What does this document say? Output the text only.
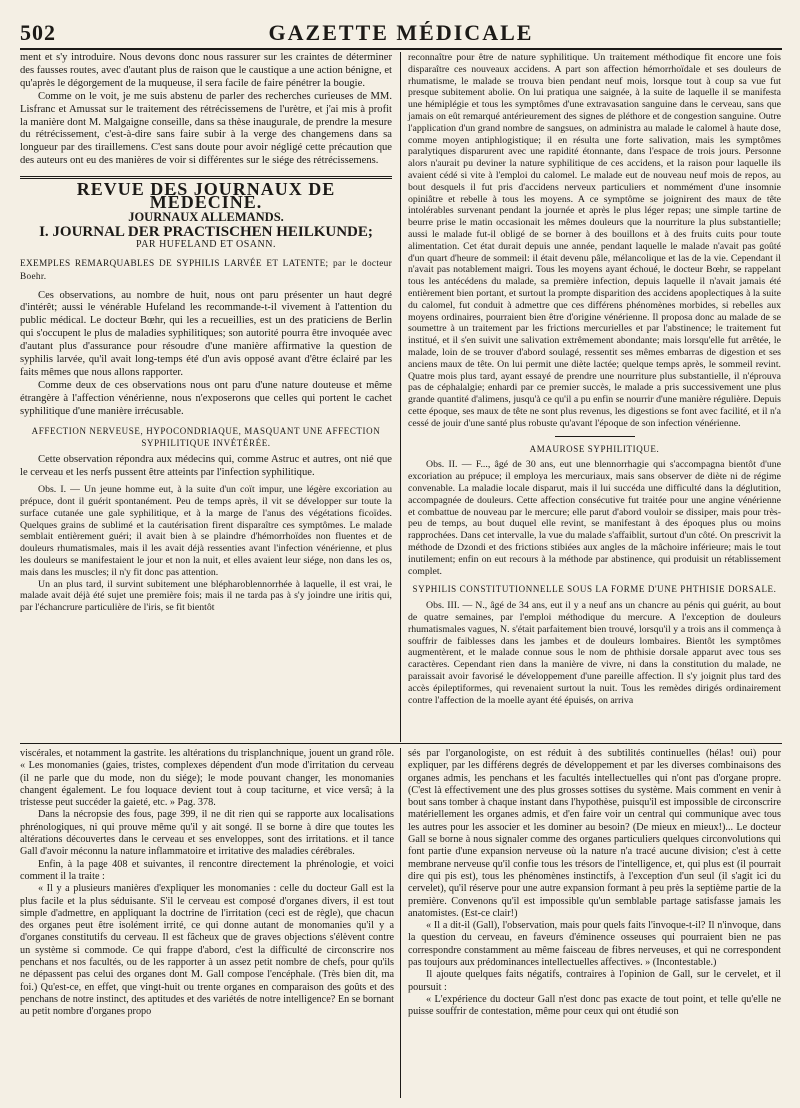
502	GAZETTE MÉDICALE

ment et s'y introduire. Nous devons donc nous rassurer sur les craintes de déterminer des fausses routes, avec d'autant plus de raison que le caustique a une action bénigne, et qu'après le dégorgement de la muqueuse, il sera facile de faire pénétrer la bougie.

Comme on le voit, je me suis abstenu de parler des recherches curieuses de MM. Lisfranc et Amussat sur le traitement des rétrécissemens de l'urètre, et j'ai mis à profit la manière dont M. Malgaigne conseille, dans sa thèse inaugurale, de prendre la mesure du rétrécissement, c'est-à-dire sans faire subir à la verge des changemens dans sa longueur par des tiraillemens. C'est sans doute pour avoir négligé cette précaution que des auteurs ont eu des manières de voir si différentes sur le siége des rétrécissemens.

REVUE DES JOURNAUX DE MÉDECINE.
JOURNAUX ALLEMANDS.
I. JOURNAL DER PRACTISCHEN HEILKUNDE;
PAR HUFELAND ET OSANN.
EXEMPLES REMARQUABLES DE SYPHILIS LARVÉE ET LATENTE; par le docteur Boehr.

Ces observations, au nombre de huit, nous ont paru présenter un haut degré d'intérêt; aussi le vénérable Hufeland les recommande-t-il vivement à l'attention du public médical. Le docteur Bœhr, qui les a recueillies, est un des praticiens de Berlin qui s'occupent le plus de maladies syphilitiques; son autorité pourra être invoquée avec d'autant plus d'assurance pour résoudre d'une manière affirmative la question de syphilis larvée, qu'il avait long-temps été d'un avis opposé avant d'être éclairé par les faits mêmes que nous allons rapporter.

Comme deux de ces observations nous ont paru d'une nature douteuse et même étrangère à l'affection vénérienne, nous n'exposerons que celles qui portent le cachet syphilitique d'une manière irrécusable.

AFFECTION NERVEUSE, HYPOCONDRIAQUE, MASQUANT UNE AFFECTION SYPHILITIQUE INVÉTÉRÉE.

Cette observation répondra aux médecins qui, comme Astruc et autres, ont nié que le cerveau et les nerfs pussent être atteints par l'infection syphilitique.

Obs. I. — Un jeune homme eut, à la suite d'un coït impur, une légère excoriation au prépuce, dont il guérit spontanément. Peu de temps après, il vit se développer sur toute la surface cutanée une gale syphilitique, et à la marge de l'anus des végétations ficoïdes. Quelques grains de sublimé et la cautérisation firent disparaître ces symptômes. Le malade semblait entièrement guéri; il avait bien à se plaindre d'hémorrhoïdes non fluentes et de douleurs rhumatismales, mais il les avait déjà ressenties avant l'infection vénérienne, et plus les douleurs se manifestaient le jour et non la nuit, et elles avaient leur siége, non dans les os, mais dans les muscles; il n'y fit donc pas attention.

Un an plus tard, il survint subitement une blépharoblennorrhée à laquelle, il est vrai, le malade avait déjà été sujet une première fois; mais il ne tarda pas à s'y joindre une iritis qui, par l'échancrure particulière de l'iris, se fit bientôt

reconnaître pour être de nature syphilitique. Un traitement méthodique fit encore une fois disparaître ces nouveaux accidens. A part son affection hémorrhoïdale et ses douleurs de rhumatisme, le malade se trouva bien pendant neuf mois, lorsque tout à coup sa vue fut presque subitement abolie. On lui pratiqua une saignée, à la suite de laquelle il se manifesta une hémiplégie et tous les symptômes d'une extravasation sanguine dans le cerveau, sans que jamais on eût remarqué antérieurement des signes de pléthore et de congestion sanguine. Outre l'application d'un grand nombre de sangsues, on administra au malade le calomel à haute dose, comme moyen antiphlogistique; il en résulta une forte salivation, mais les symptômes paralytiques disparurent avec une rapidité étonnante, dans l'espace de trois jours. Personne alors n'aurait pu deviner la nature syphilitique de ces accidens, et la raison pour laquelle ils avaient cédé si vite à l'emploi du calomel. Le malade eut de nouveau neuf mois de repos, au bout desquels il fut pris d'accidens nerveux particuliers et nommément d'une insomnie opiniâtre et rebelle à tous les moyens. A ce symptôme se joignirent des maux de tête intolérables survenant pendant la journée et après le plus léger repas; une simple tartine de beurre prise le matin occasionait les mêmes douleurs que la nourriture la plus substantielle; aussi le malade fut-il obligé de se borner à des bouillons et à des fruits cuits pour toute alimentation. Cet état durait depuis une année, pendant laquelle le malade n'avait pas goûté d'un quart d'heure de sommeil: il était devenu pâle, mélancolique et las de la vie. Cependant il n'avait pas notablement maigri. Tous les moyens ayant échoué, le docteur Bœhr, se rappelant tous les antécédens du malade, sa première infection, depuis laquelle il n'avait jamais été entièrement bien portant, et surtout la prompte disparition des accidens apoplectiques à la suite du calomel, fut conduit à admettre que ces différens phénomènes morbides, si rebelles aux moyens ordinaires, pourraient bien être d'origine vénérienne. Il proposa donc au malade de se soumettre à un traitement par les frictions mercurielles et par l'abstinence; le traitement fut institué, et il s'en suivit une salivation extrêmement abondante; mais lorsqu'elle fut arrêtée, le malade, loin de se trouver d'abord soulagé, ressentit ses mêmes embarras de digestion et ses anciens maux de tête. On lui permit une diète lactée; quelque temps après, le sommeil revint. Quatre mois plus tard, ayant essayé de prendre une nourriture plus substantielle, il n'éprouva pas de céphalalgie; enhardi par ce premier succès, le malade a pris successivement une plus grande quantité d'alimens, jusqu'à ce qu'il a pu enfin se nourrir d'une manière régulière. Depuis cette époque, ses maux de tête ne sont plus revenus, les digestions se font avec facilité, et il n'a cessé de jouir d'une santé plus robuste qu'avant l'époque de son infection vénérienne.

AMAUROSE SYPHILITIQUE.

Obs. II. — F..., âgé de 30 ans, eut une blennorrhagie qui s'accompagna bientôt d'une excoriation au prépuce; il employa les mercuriaux, mais sans observer de diète ni de régime convenable. La maladie locale disparut, mais il lui succéda une difficulté dans la déglutition, accompagnée de douleurs. Cette affection consécutive fut traitée pour une angine vénérienne et combattue de nouveau par le mercure; elle parut d'abord vouloir se dissiper, mais pour très-peu de temps, au bout duquel elle revint, se manifestant à des époques plus ou moins rapprochées. Dans cet intervalle, la vue du malade s'affaiblit, surtout d'un côté. On prescrivit la méthode de Dzondi et des frictions stibiées aux angles de la mâchoire inférieure; mais le tout inutilement; enfin on eut recours à la méthode par abstinence, qui produisit un rétablissement complet.

SYPHILIS CONSTITUTIONNELLE SOUS LA FORME D'UNE PHTHISIE DORSALE.

Obs. III. — N., âgé de 34 ans, eut il y a neuf ans un chancre au pénis qui guérit, au bout de quatre semaines, par l'emploi méthodique du mercure. A l'exception de douleurs rhumatismales vagues, N. s'était parfaitement bien trouvé, lorsqu'il y a trois ans il commença à souffrir de faiblesses dans les jambes et de douleurs lombaires. Bientôt les symptômes augmentèrent, et le malade connue sous le nom de phthisie dorsale apparut avec tous ses caractères. Cependant rien dans la manière de vivre, ni dans la constitution du malade, ne paraissait avoir favorisé le développement d'une pareille affection. Il s'y joignit plus tard des accès épileptiformes, qui revenaient surtout la nuit. Tous les remèdes dirigés ordinairement contre l'affection de la moelle ayant été épuisés, on arriva

viscérales, et notamment la gastrite. les altérations du trisplanchnique, jouent un grand rôle. « Les monomanies (gaies, tristes, complexes dépendent d'un mode d'irritation du cerveau (il ne parle que du mode, non du siége); le mode pouvant changer, les monomanies changent également. Le fou loquace devient tout à coup taciturne, et vice versâ; à la tristesse peut succéder la gaieté, etc. » Pag. 378.

Dans la nécropsie des fous, page 399, il ne dit rien qui se rapporte aux localisations phrénologiques, ni qui prouve même qu'il y ait songé. Il se borne à dire que toutes les altérations découvertes dans le cerveau et ses enveloppes, sont des irritations. et il tance Gall d'avoir méconnu la nature inflammatoire et irritative des maladies cérébrales.

Enfin, à la page 408 et suivantes, il rencontre directement la phrénologie, et voici comment il la traite :

« Il y a plusieurs manières d'expliquer les monomanies : celle du docteur Gall est la plus facile et la plus séduisante. S'il le cerveau est composé d'organes divers, il est tout simple d'admettre, en appliquant la doctrine de l'irritation (ceci est de règle), que chacun des organes peut être isolément irrité, ce qui donne autant de monomanies qu'il y a d'organes constitutifs du cerveau. Il est fâcheux que de graves objections s'élèvent contre un système si commode. Ce qui frappe d'abord, c'est la difficulté de circonscrire nos penchans et nos facultés, ou de les rapporter à un assez petit nombre de chefs, pour qu'ils ne dépassent pas celui des organes dont M. Gall compose l'encéphale. (Très bien dit, ma foi.) Qu'est-ce, en effet, que vingt-huit ou trente organes en comparaison des goûts et des penchans de notre instinct, des aptitudes et des variétés de notre intelligence? En se bornant au petit nombre d'organes propo

sés par l'organologiste, on est réduit à des subtilités continuelles (hélas! oui) pour expliquer, par les différens degrés de développement et par les diverses combinaisons des organes admis, les penchans et les facultés intellectuelles qui n'ont pas d'organe propre. (C'est là effectivement une des plus grosses sottises du système. Mais comment en venir à bout sans tomber à chaque instant dans l'hypothèse, puisqu'il est impossible de circonscrire matériellement les organes admis, et d'en faire voir un central qui communique avec tous les autres pour les associer et les dominer au besoin? (De mieux en mieux!)... Le docteur Gall se borne à nous signaler comme des organes particuliers quelques circonvolutions qui font partie d'une expansion nerveuse où la nature n'a tracé aucune division; c'est à cette membrane nerveuse qu'il confie tous les trésors de l'intelligence, et, qui plus est (il pourrait dire qui pis est), tous les phénomènes instinctifs, à l'exception d'un seul (il s'agit ici du cervelet), qu'il réserve pour une autre expansion formant à peu près la septième partie de la première. Convenons qu'il est impossible qu'un semblable partage satisfasse jamais les anatomistes. (Est-ce clair!)

« Il a dit-il (Gall), l'observation, mais pour quels faits l'invoque-t-il? Il n'invoque, dans la question du cerveau, en faveurs d'éminence osseuses qui pourraient bien ne pas correspondre constamment au même faisceau de fibres nerveuses, et qui ne correspondent pas toujours aux prédominances intellectuelles affectives. » (Incontestable.)

Il ajoute quelques faits négatifs, contraires à l'opinion de Gall, sur le cervelet, et il poursuit :

« L'expérience du docteur Gall n'est donc pas exacte de tout point, et telle qu'elle ne puisse souffrir de contestation, même pour ceux qui ont étudié son
